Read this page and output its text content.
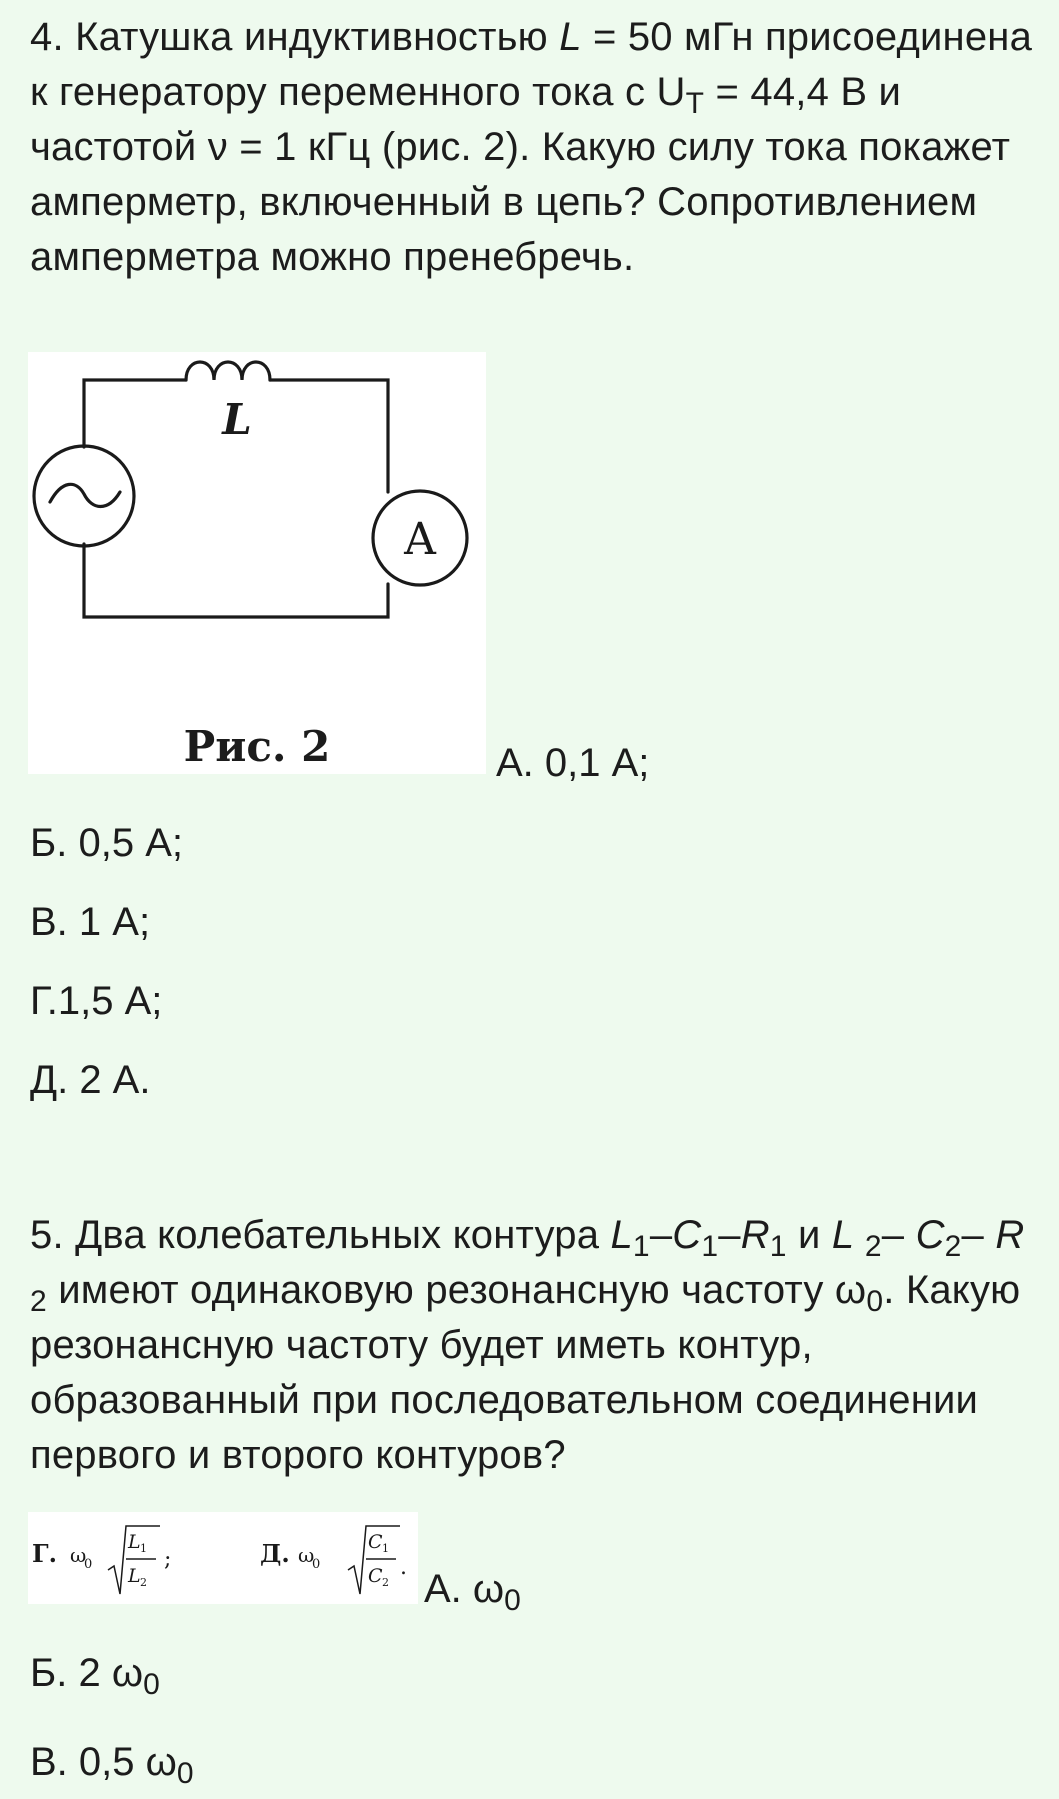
4. Катушка индуктивностью L = 50 мГн присоединена к генератору переменного тока с $U_T = 44,4$ В и частотой ν = 1 кГц (рис. 2). Какую силу тока покажет амперметр, включенный в цепь? Сопротивлением амперметра можно пренебречь.

L
A
Рис. 2	А. 0,1 А;

Б. 0,5 А;

В. 1 А;

Г.1,5 А;

Д. 2 А.

5. Два колебательных контура $L_1-C_1-R_1$ и L $_2$– $C_2-$ R $_2$ имеют одинаковую резонансную частоту $\omega_0$. Какую резонансную частоту будет иметь контур, образованный при последовательном соединении первого и второго контуров?

Г. ω
0
L 1
L 2
;	Д. ω
0
C 1
C 2
. А. $\omega_0$

Б. 2 $\omega_0$

В. 0,5 $\omega_0$
